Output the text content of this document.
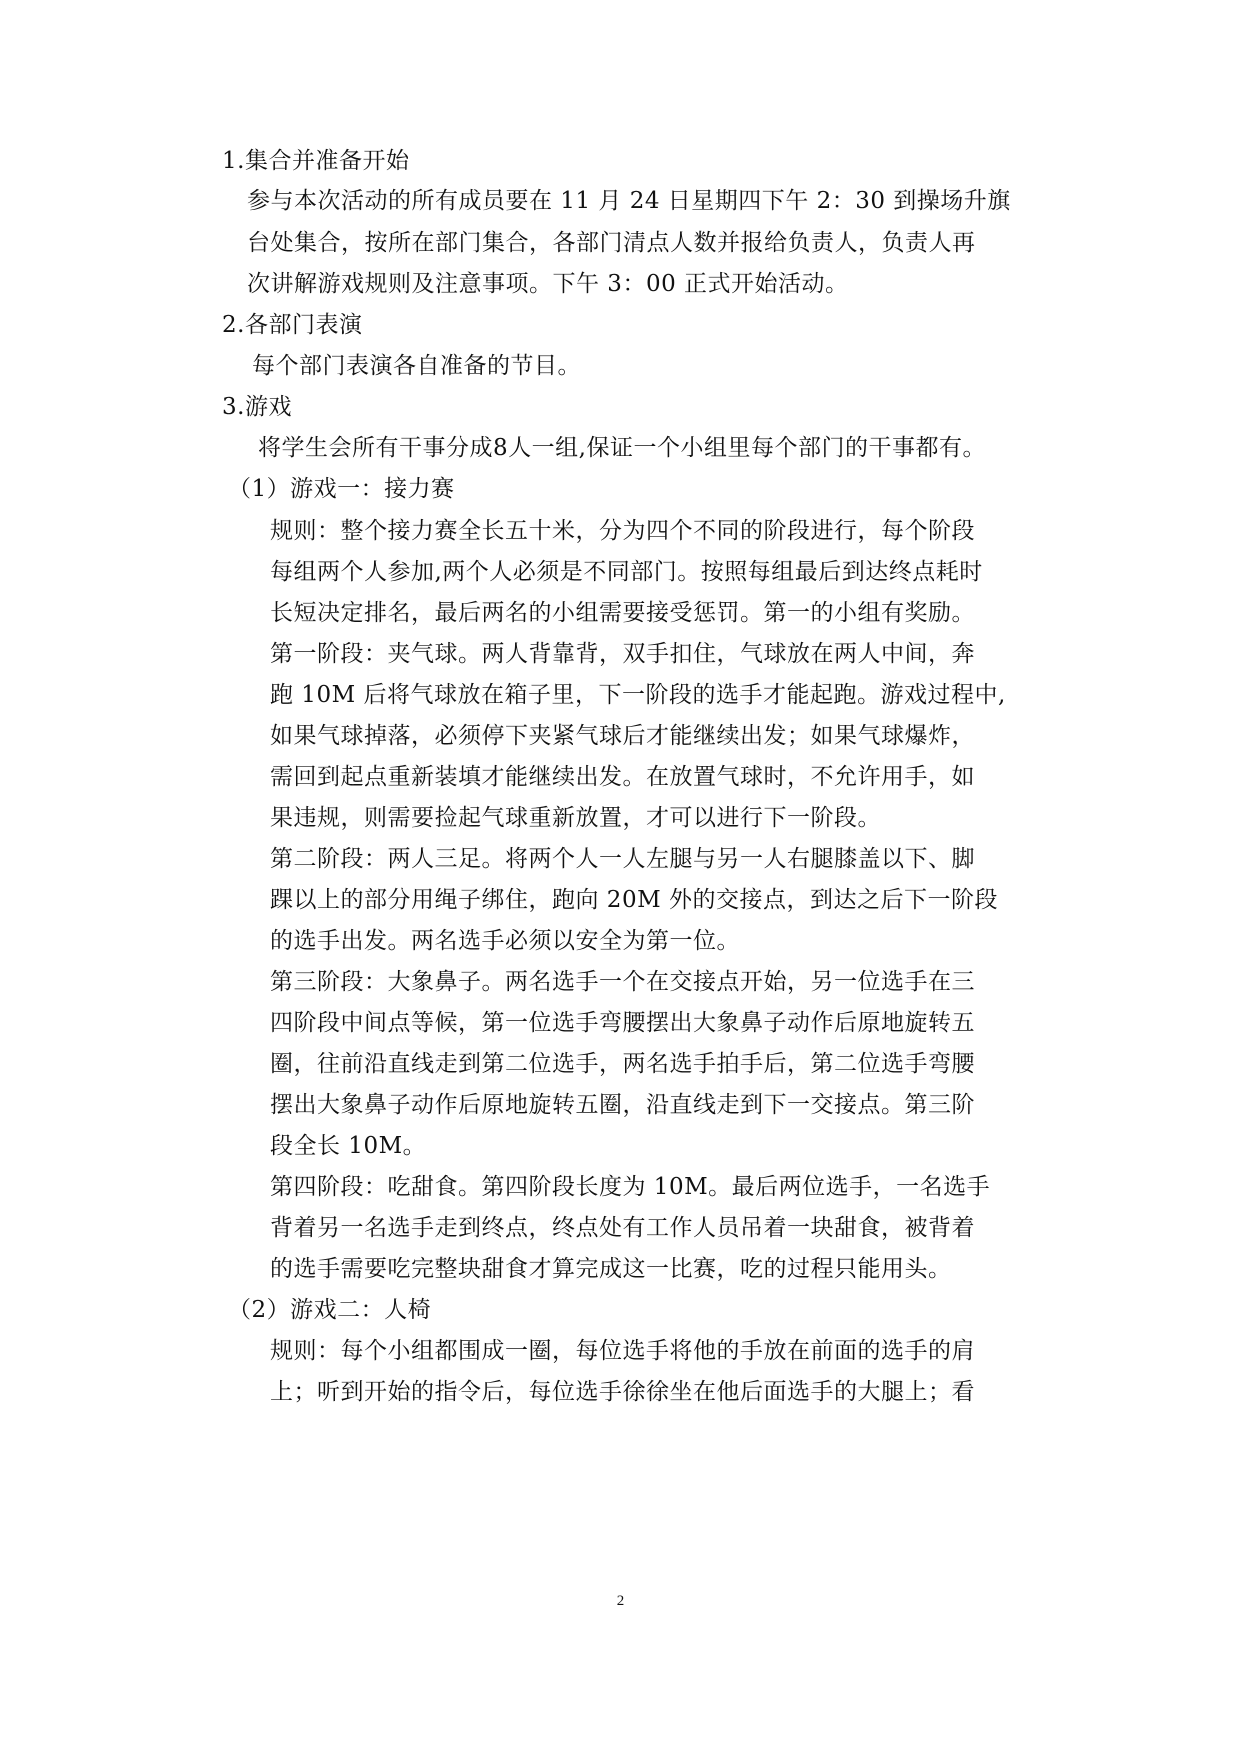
1.集合并准备开始
参与本次活动的所有成员要在 11 月 24 日星期四下午 2：30 到操场升旗
台处集合，按所在部门集合，各部门清点人数并报给负责人，负责人再
次讲解游戏规则及注意事项。下午 3：00 正式开始活动。
2.各部门表演
每个部门表演各自准备的节目。
3.游戏
将学生会所有干事分成8人一组,保证一个小组里每个部门的干事都有。
（1）游戏一：接力赛
规则：整个接力赛全长五十米，分为四个不同的阶段进行，每个阶段
每组两个人参加,两个人必须是不同部门。按照每组最后到达终点耗时
长短决定排名，最后两名的小组需要接受惩罚。第一的小组有奖励。
第一阶段：夹气球。两人背靠背，双手扣住，气球放在两人中间，奔
跑 10M 后将气球放在箱子里，下一阶段的选手才能起跑。游戏过程中,
如果气球掉落，必须停下夹紧气球后才能继续出发；如果气球爆炸，
需回到起点重新装填才能继续出发。在放置气球时，不允许用手，如
果违规，则需要捡起气球重新放置，才可以进行下一阶段。
第二阶段：两人三足。将两个人一人左腿与另一人右腿膝盖以下、脚
踝以上的部分用绳子绑住，跑向 20M 外的交接点，到达之后下一阶段
的选手出发。两名选手必须以安全为第一位。
第三阶段：大象鼻子。两名选手一个在交接点开始，另一位选手在三
四阶段中间点等候，第一位选手弯腰摆出大象鼻子动作后原地旋转五
圈，往前沿直线走到第二位选手，两名选手拍手后，第二位选手弯腰
摆出大象鼻子动作后原地旋转五圈，沿直线走到下一交接点。第三阶
段全长 10M。
第四阶段：吃甜食。第四阶段长度为 10M。最后两位选手，一名选手
背着另一名选手走到终点，终点处有工作人员吊着一块甜食，被背着
的选手需要吃完整块甜食才算完成这一比赛，吃的过程只能用头。
（2）游戏二：人椅
规则：每个小组都围成一圈，每位选手将他的手放在前面的选手的肩
上；听到开始的指令后，每位选手徐徐坐在他后面选手的大腿上；看
2
